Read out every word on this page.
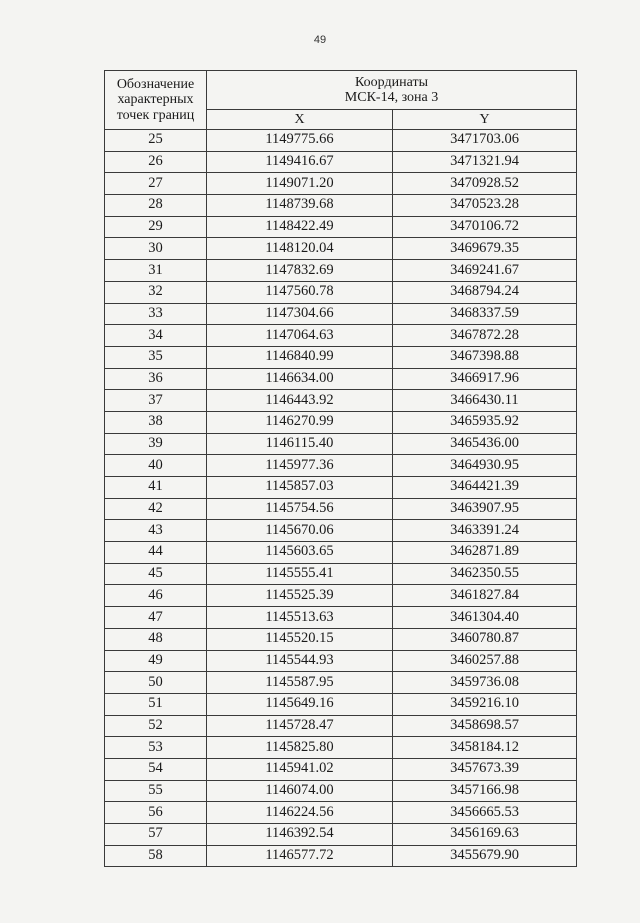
49
Обозначение
характерных
точек границ	Координаты
МСК-14, зона 3	

	X	Y
25	1149775.66	3471703.06
26	1149416.67	3471321.94
27	1149071.20	3470928.52
28	1148739.68	3470523.28
29	1148422.49	3470106.72
30	1148120.04	3469679.35
31	1147832.69	3469241.67
32	1147560.78	3468794.24
33	1147304.66	3468337.59
34	1147064.63	3467872.28
35	1146840.99	3467398.88
36	1146634.00	3466917.96
37	1146443.92	3466430.11
38	1146270.99	3465935.92
39	1146115.40	3465436.00
40	1145977.36	3464930.95
41	1145857.03	3464421.39
42	1145754.56	3463907.95
43	1145670.06	3463391.24
44	1145603.65	3462871.89
45	1145555.41	3462350.55
46	1145525.39	3461827.84
47	1145513.63	3461304.40
48	1145520.15	3460780.87
49	1145544.93	3460257.88
50	1145587.95	3459736.08
51	1145649.16	3459216.10
52	1145728.47	3458698.57
53	1145825.80	3458184.12
54	1145941.02	3457673.39
55	1146074.00	3457166.98
56	1146224.56	3456665.53
57	1146392.54	3456169.63
58	1146577.72	3455679.90
